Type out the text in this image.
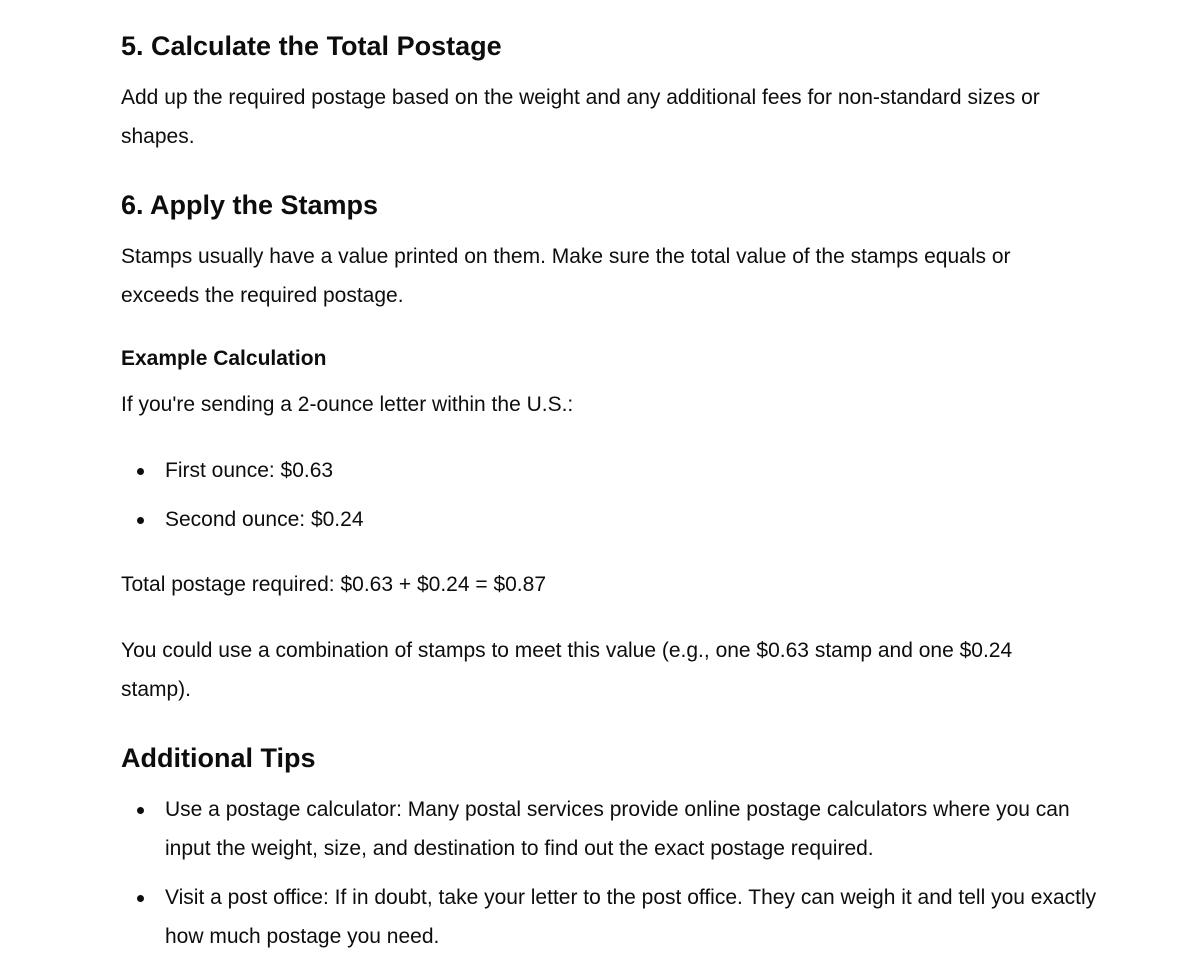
5. Calculate the Total Postage

Add up the required postage based on the weight and any additional fees for non-standard sizes or shapes.

6. Apply the Stamps

Stamps usually have a value printed on them. Make sure the total value of the stamps equals or exceeds the required postage.

Example Calculation

If you're sending a 2-ounce letter within the U.S.:

First ounce: $0.63
Second ounce: $0.24

Total postage required: $0.63 + $0.24 = $0.87

You could use a combination of stamps to meet this value (e.g., one $0.63 stamp and one $0.24 stamp).

Additional Tips
Use a postage calculator: Many postal services provide online postage calculators where you can input the weight, size, and destination to find out the exact postage required.
Visit a post office: If in doubt, take your letter to the post office. They can weigh it and tell you exactly how much postage you need.
